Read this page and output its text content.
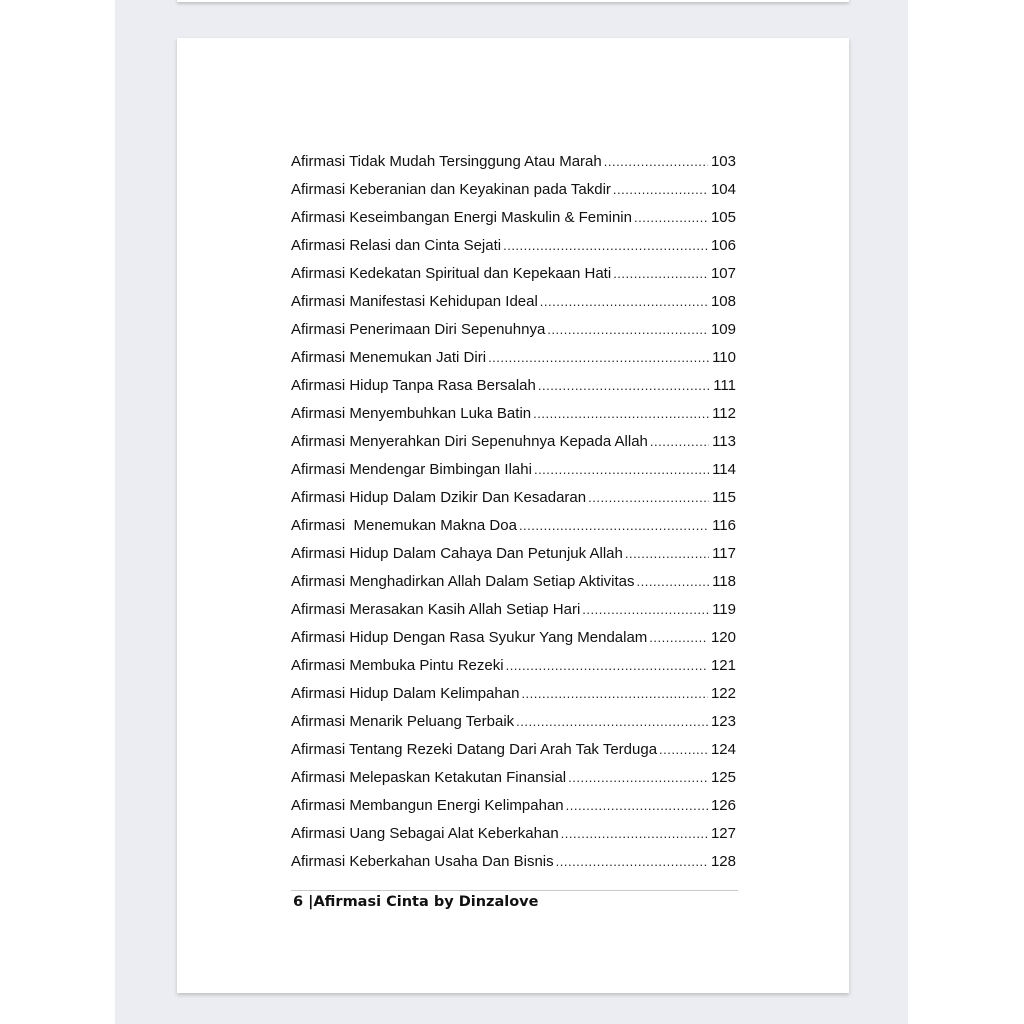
Afirmasi Tidak Mudah Tersinggung Atau Marah .....	103
Afirmasi Keberanian dan Keyakinan pada Takdir .....	104
Afirmasi Keseimbangan Energi Maskulin & Feminin .....	105
Afirmasi Relasi dan Cinta Sejati .....	106
Afirmasi Kedekatan Spiritual dan Kepekaan Hati .....	107
Afirmasi Manifestasi Kehidupan Ideal .....	108
Afirmasi Penerimaan Diri Sepenuhnya .....	109
Afirmasi Menemukan Jati Diri .....	110
Afirmasi Hidup Tanpa Rasa Bersalah .....	111
Afirmasi Menyembuhkan Luka Batin .....	112
Afirmasi Menyerahkan Diri Sepenuhnya Kepada Allah .....	113
Afirmasi Mendengar Bimbingan Ilahi .....	114
Afirmasi Hidup Dalam Dzikir Dan Kesadaran .....	115
Afirmasi  Menemukan Makna Doa .....	116
Afirmasi Hidup Dalam Cahaya Dan Petunjuk Allah .....	117
Afirmasi Menghadirkan Allah Dalam Setiap Aktivitas .....	118
Afirmasi Merasakan Kasih Allah Setiap Hari .....	119
Afirmasi Hidup Dengan Rasa Syukur Yang Mendalam .....	120
Afirmasi Membuka Pintu Rezeki .....	121
Afirmasi Hidup Dalam Kelimpahan .....	122
Afirmasi Menarik Peluang Terbaik .....	123
Afirmasi Tentang Rezeki Datang Dari Arah Tak Terduga .....	124
Afirmasi Melepaskan Ketakutan Finansial .....	125
Afirmasi Membangun Energi Kelimpahan .....	126
Afirmasi Uang Sebagai Alat Keberkahan .....	127
Afirmasi Keberkahan Usaha Dan Bisnis .....	128
6 |Afirmasi Cinta by Dinzalove
